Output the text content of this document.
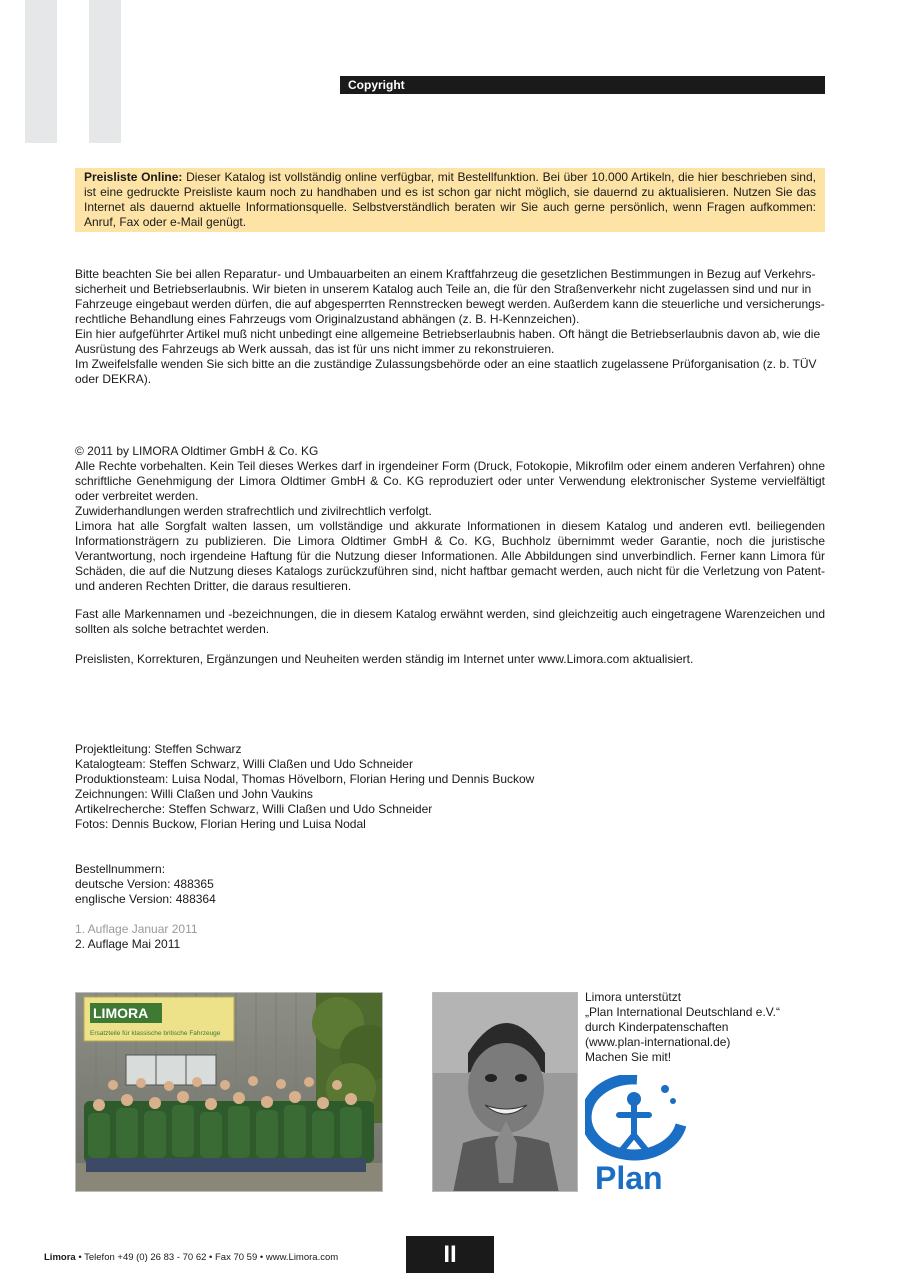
Copyright
Preisliste Online: Dieser Katalog ist vollständig online verfügbar, mit Bestellfunktion. Bei über 10.000 Artikeln, die hier beschrieben sind, ist eine gedruckte Preisliste kaum noch zu handhaben und es ist schon gar nicht möglich, sie dauernd zu aktualisieren. Nutzen Sie das Internet als dauernd aktuelle Informationsquelle. Selbstverständlich beraten wir Sie auch gerne persönlich, wenn Fragen aufkommen: Anruf, Fax oder e-Mail genügt.
Bitte beachten Sie bei allen Reparatur- und Umbauarbeiten an einem Kraftfahrzeug die gesetzlichen Bestimmungen in Bezug auf Verkehrs-sicherheit und Betriebserlaubnis. Wir bieten in unserem Katalog auch Teile an, die für den Straßenverkehr nicht zugelassen sind und nur in Fahrzeuge eingebaut werden dürfen, die auf abgesperrten Rennstrecken bewegt werden. Außerdem kann die steuerliche und versicherungs-rechtliche Behandlung eines Fahrzeugs vom Originalzustand abhängen (z. B. H-Kennzeichen).
Ein hier aufgeführter Artikel muß nicht unbedingt eine allgemeine Betriebserlaubnis haben. Oft hängt die Betriebserlaubnis davon ab, wie die Ausrüstung des Fahrzeugs ab Werk aussah, das ist für uns nicht immer zu rekonstruieren.
Im Zweifelsfalle wenden Sie sich bitte an die zuständige Zulassungsbehörde oder an eine staatlich zugelassene Prüforganisation (z. b. TÜV oder DEKRA).
© 2011 by LIMORA Oldtimer GmbH & Co. KG
Alle Rechte vorbehalten. Kein Teil dieses Werkes darf in irgendeiner Form (Druck, Fotokopie, Mikrofilm oder einem anderen Verfahren) ohne schriftliche Genehmigung der Limora Oldtimer GmbH & Co. KG reproduziert oder unter Verwendung elektronischer Systeme vervielfältigt oder verbreitet werden.
Zuwiderhandlungen werden strafrechtlich und zivilrechtlich verfolgt.
Limora hat alle Sorgfalt walten lassen, um vollständige und akkurate Informationen in diesem Katalog und anderen evtl. beiliegenden Informationsträgern zu publizieren. Die Limora Oldtimer GmbH & Co. KG, Buchholz übernimmt weder Garantie, noch die juristische Verantwortung, noch irgendeine Haftung für die Nutzung dieser Informationen. Alle Abbildungen sind unverbindlich. Ferner kann Limora für Schäden, die auf die Nutzung dieses Katalogs zurückzuführen sind, nicht haftbar gemacht werden, auch nicht für die Verletzung von Patent- und anderen Rechten Dritter, die daraus resultieren.
Fast alle Markennamen und -bezeichnungen, die in diesem Katalog erwähnt werden, sind gleichzeitig auch eingetragene Warenzeichen und sollten als solche betrachtet werden.
Preislisten, Korrekturen, Ergänzungen und Neuheiten werden ständig im Internet unter www.Limora.com aktualisiert.
Projektleitung: Steffen Schwarz
Katalogteam: Steffen Schwarz, Willi Claßen und Udo Schneider
Produktionsteam: Luisa Nodal, Thomas Hövelborn, Florian Hering und Dennis Buckow
Zeichnungen: Willi Claßen und John Vaukins
Artikelrecherche: Steffen Schwarz, Willi Claßen und Udo Schneider
Fotos: Dennis Buckow, Florian Hering und Luisa Nodal
Bestellnummern:
deutsche Version: 488365
englische Version: 488364
1. Auflage Januar 2011
2. Auflage Mai 2011
LIMORA
Ersatzteile für klassische britische Fahrzeuge
Limora unterstützt
„Plan International Deutschland e.V.“
durch Kinderpatenschaften
(www.plan-international.de)
Machen Sie mit!
Plan
Limora • Telefon +49 (0) 26 83 - 70 62 • Fax 70 59 • www.Limora.com	II
